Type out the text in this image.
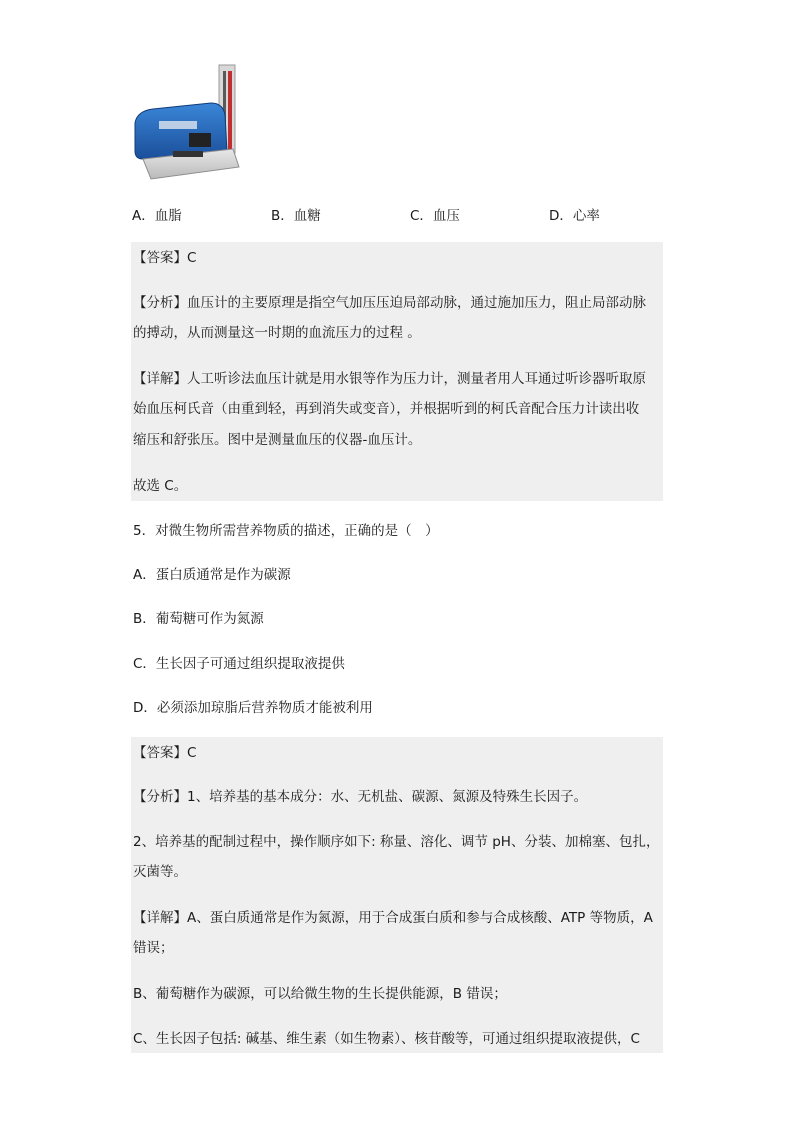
A．血脂	B．血糖	C．血压	D．心率
【答案】C
【分析】血压计的主要原理是指空气加压压迫局部动脉，通过施加压力，阻止局部动脉
的搏动，从而测量这一时期的血流压力的过程 。
【详解】人工听诊法血压计就是用水银等作为压力计，测量者用人耳通过听诊器听取原
始血压柯氏音（由重到轻，再到消失或变音），并根据听到的柯氏音配合压力计读出收
缩压和舒张压。图中是测量血压的仪器-血压计。
故选 C。
5．对微生物所需营养物质的描述，正确的是（　）
A．蛋白质通常是作为碳源
B．葡萄糖可作为氮源
C．生长因子可通过组织提取液提供
D．必须添加琼脂后营养物质才能被利用
【答案】C
【分析】1、培养基的基本成分：水、无机盐、碳源、氮源及特殊生长因子。
2、培养基的配制过程中，操作顺序如下: 称量、溶化、调节 pH、分装、加棉塞、包扎，
灭菌等。
【详解】A、蛋白质通常是作为氮源，用于合成蛋白质和参与合成核酸、ATP 等物质，A
错误；
B、葡萄糖作为碳源，可以给微生物的生长提供能源，B 错误；
C、生长因子包括: 碱基、维生素（如生物素）、核苷酸等，可通过组织提取液提供，C
